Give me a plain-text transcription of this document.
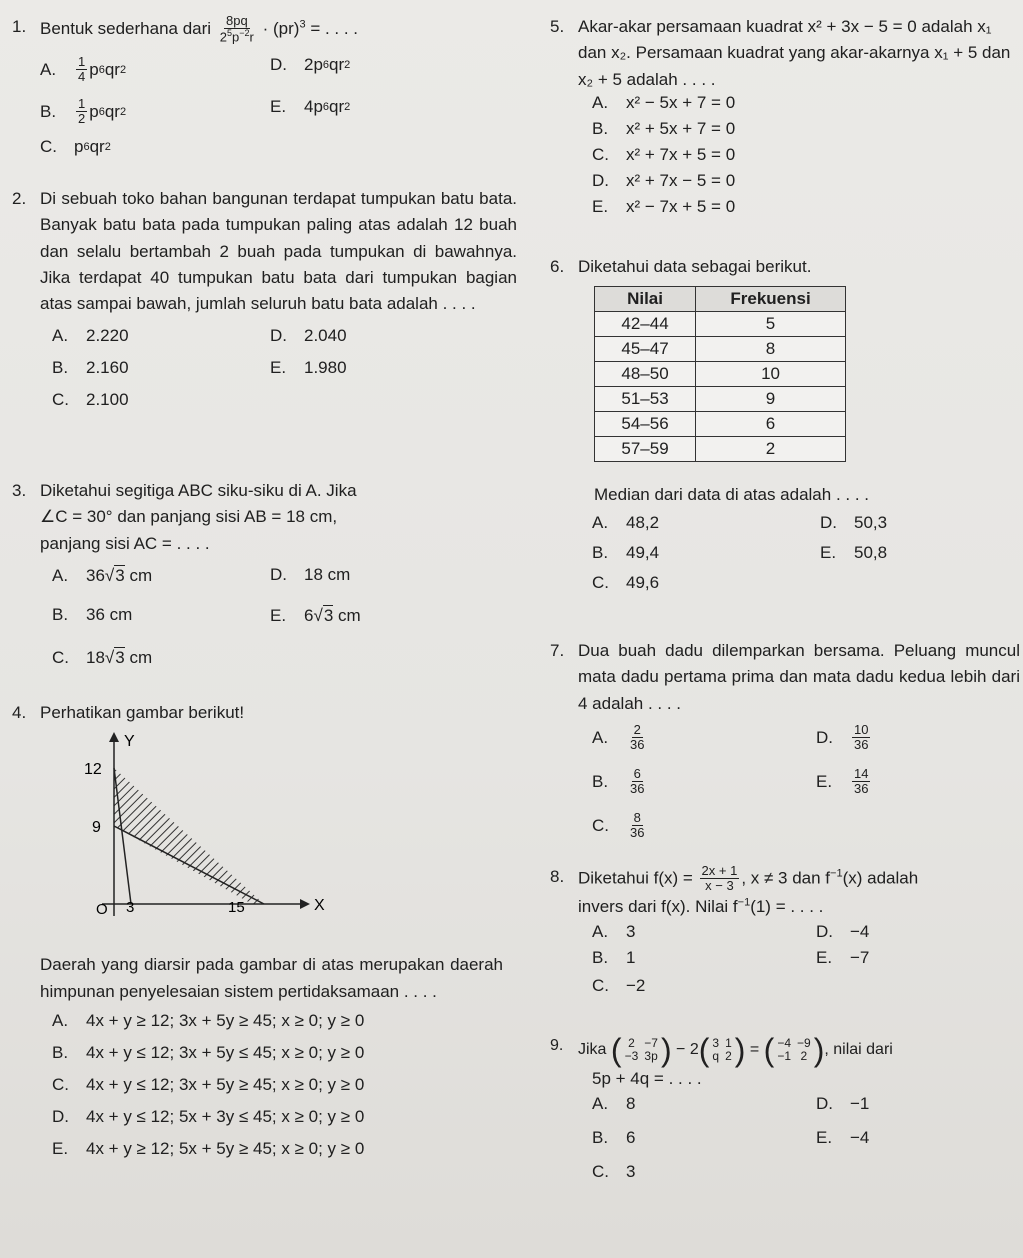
1. Bentuk sederhana dari $\frac{8pq}{2^5p^{-2}r} \cdot (pr)^3$ = . . . .
A.	$\frac{1}{4}$ p 6 qr 2
B.	$\frac{1}{2}$ p 6 qr 2
C.	p 6 qr 2
D.	2p 6 qr 2
E.	4p 6 qr 2
2. Di sebuah toko bahan bangunan terdapat tumpukan batu bata. Banyak batu bata pada tumpukan paling atas adalah 12 buah dan selalu bertambah 2 buah pada tumpukan di bawahnya. Jika terdapat 40 tumpukan batu bata dari tumpukan bagian atas sampai bawah, jumlah seluruh batu bata adalah . . . .
A.	2.220
B.	2.160
C.	2.100
D.	2.040
E.	1.980
3. Diketahui segitiga ABC siku-siku di A. Jika
∠C = 30° dan panjang sisi AB = 18 cm,
panjang sisi AC = . . . .
A.	36 √ 3
cm
B.	36 cm
C.	18 √ 3
cm
D.	18 cm
E.	6 √ 3
cm
4. Perhatikan gambar berikut!
Y
X
12
9
O 3	15
Daerah yang diarsir pada gambar di atas merupakan daerah himpunan penyelesaian sistem pertidaksamaan . . . .
A.	4x + y ≥ 12; 3x + 5y ≥ 45; x ≥ 0; y ≥ 0
B.	4x + y ≤ 12; 3x + 5y ≤ 45; x ≥ 0; y ≥ 0
C.	4x + y ≤ 12; 3x + 5y ≥ 45; x ≥ 0; y ≥ 0
D.	4x + y ≤ 12; 5x + 3y ≤ 45; x ≥ 0; y ≥ 0
E.	4x + y ≥ 12; 5x + 5y ≥ 45; x ≥ 0; y ≥ 0
5. Akar-akar persamaan kuadrat x² + 3x − 5 = 0 adalah x₁ dan x₂. Persamaan kuadrat yang akar-akarnya x₁ + 5 dan x₂ + 5 adalah . . . .
A.	x² − 5x + 7 = 0
B.	x² + 5x + 7 = 0
C.	x² + 7x + 5 = 0
D.	x² + 7x − 5 = 0
E.	x² − 7x + 5 = 0
6. Diketahui data sebagai berikut.
Nilai	Frekuensi
42–44	5
45–47	8
48–50	10
51–53	9
54–56	6
57–59	2
Median dari data di atas adalah . . . .
A.	48,2
B.	49,4
C.	49,6
D.	50,3
E.	50,8
7. Dua buah dadu dilemparkan bersama. Peluang muncul mata dadu pertama prima dan mata dadu kedua lebih dari 4 adalah . . . .
A.	$\frac{2}{36}$
B.	$\frac{6}{36}$
C.	$\frac{8}{36}$
D.	$\frac{10}{36}$
E.	$\frac{14}{36}$
8. Diketahui $f(x) = \frac{2x + 1}{x - 3}$ , x ≠ 3 dan $f^{-1}(x)$ adalah
invers dari f(x). Nilai $f^{-1}(1)$ = . . . .
A.	3
B.	1
C.	−2
D.	−4
E.	−7
9. Jika ( 2	−7
−3	3p ) − 2 ( 3	1
q	2 ) = ( −4	−9
−1	2 ) , nilai dari
5p + 4q = . . . .
A.	8
B.	6
C.	3
D.	−1
E.	−4
